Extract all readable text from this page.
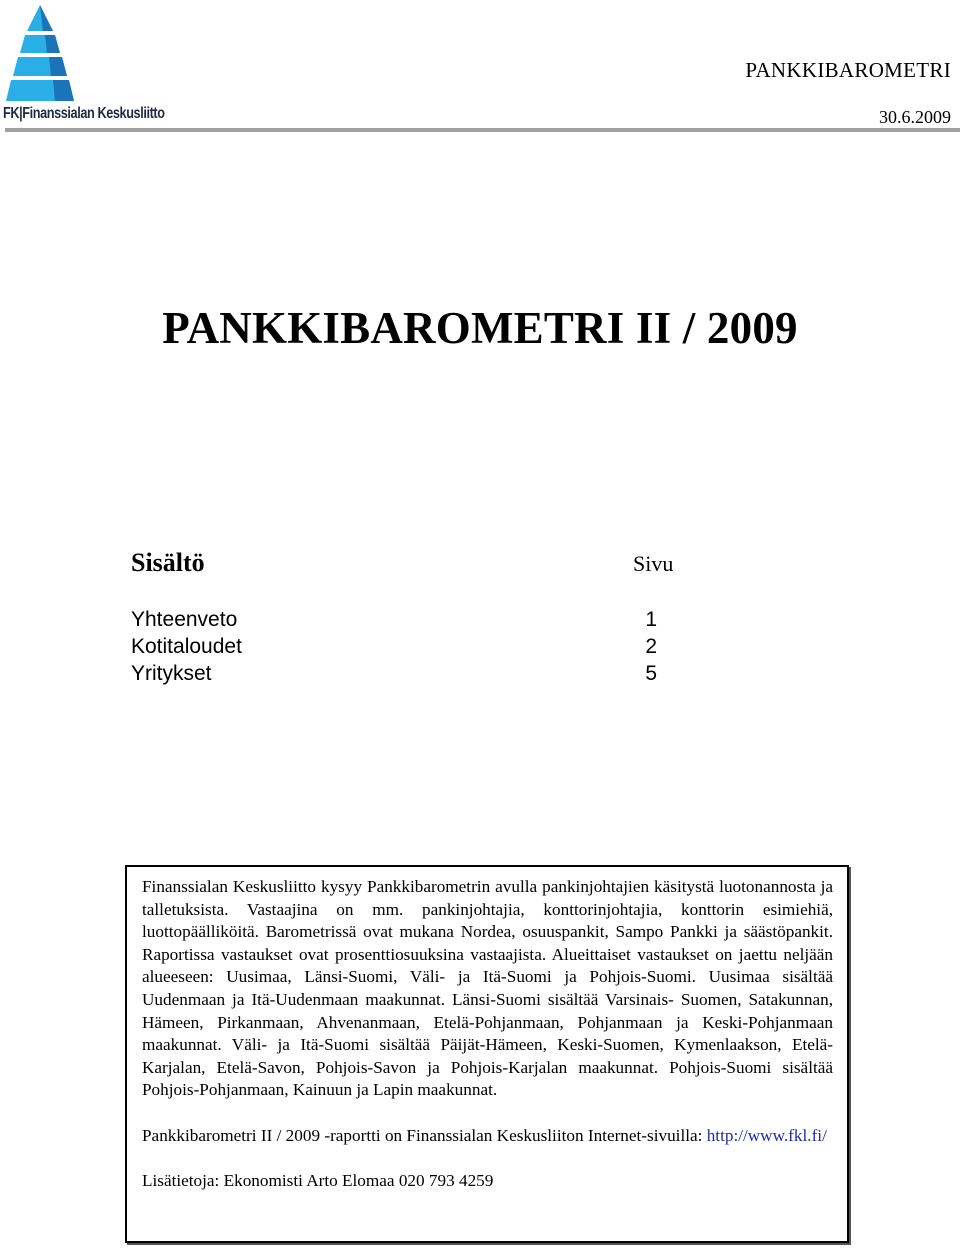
FK|Finanssialan Keskusliitto
PANKKIBAROMETRI
30.6.2009
PANKKIBAROMETRI II / 2009
Sisältö	Sivu
Yhteenveto	1
Kotitaloudet	2
Yritykset	5

Finanssialan Keskusliitto kysyy Pankkibarometrin avulla pankinjohtajien käsitystä luotonannosta ja talletuksista. Vastaajina on mm. pankinjohtajia, konttorinjohtajia, konttorin esimiehiä, luottopäälliköitä. Barometrissä ovat mukana Nordea, osuuspankit, Sampo Pankki ja säästöpankit. Raportissa vastaukset ovat prosenttiosuuksina vastaajista. Alueittaiset vastaukset on jaettu neljään alueeseen: Uusimaa, Länsi-Suomi, Väli- ja Itä-Suomi ja Pohjois-Suomi. Uusimaa sisältää Uudenmaan ja Itä-Uudenmaan maakunnat. Länsi-Suomi sisältää Varsinais- Suomen, Satakunnan, Hämeen, Pirkanmaan, Ahvenanmaan, Etelä-Pohjanmaan, Pohjanmaan ja Keski-Pohjanmaan maakunnat. Väli- ja Itä-Suomi sisältää Päijät-Hämeen, Keski-Suomen, Kymenlaakson, Etelä-Karjalan, Etelä-Savon, Pohjois-Savon ja Pohjois-Karjalan maakunnat. Pohjois-Suomi sisältää Pohjois-Pohjanmaan, Kainuun ja Lapin maakunnat.

Pankkibarometri II / 2009 -raportti on Finanssialan Keskusliiton Internet-sivuilla: http://www.fkl.fi/

Lisätietoja: Ekonomisti Arto Elomaa 020 793 4259
